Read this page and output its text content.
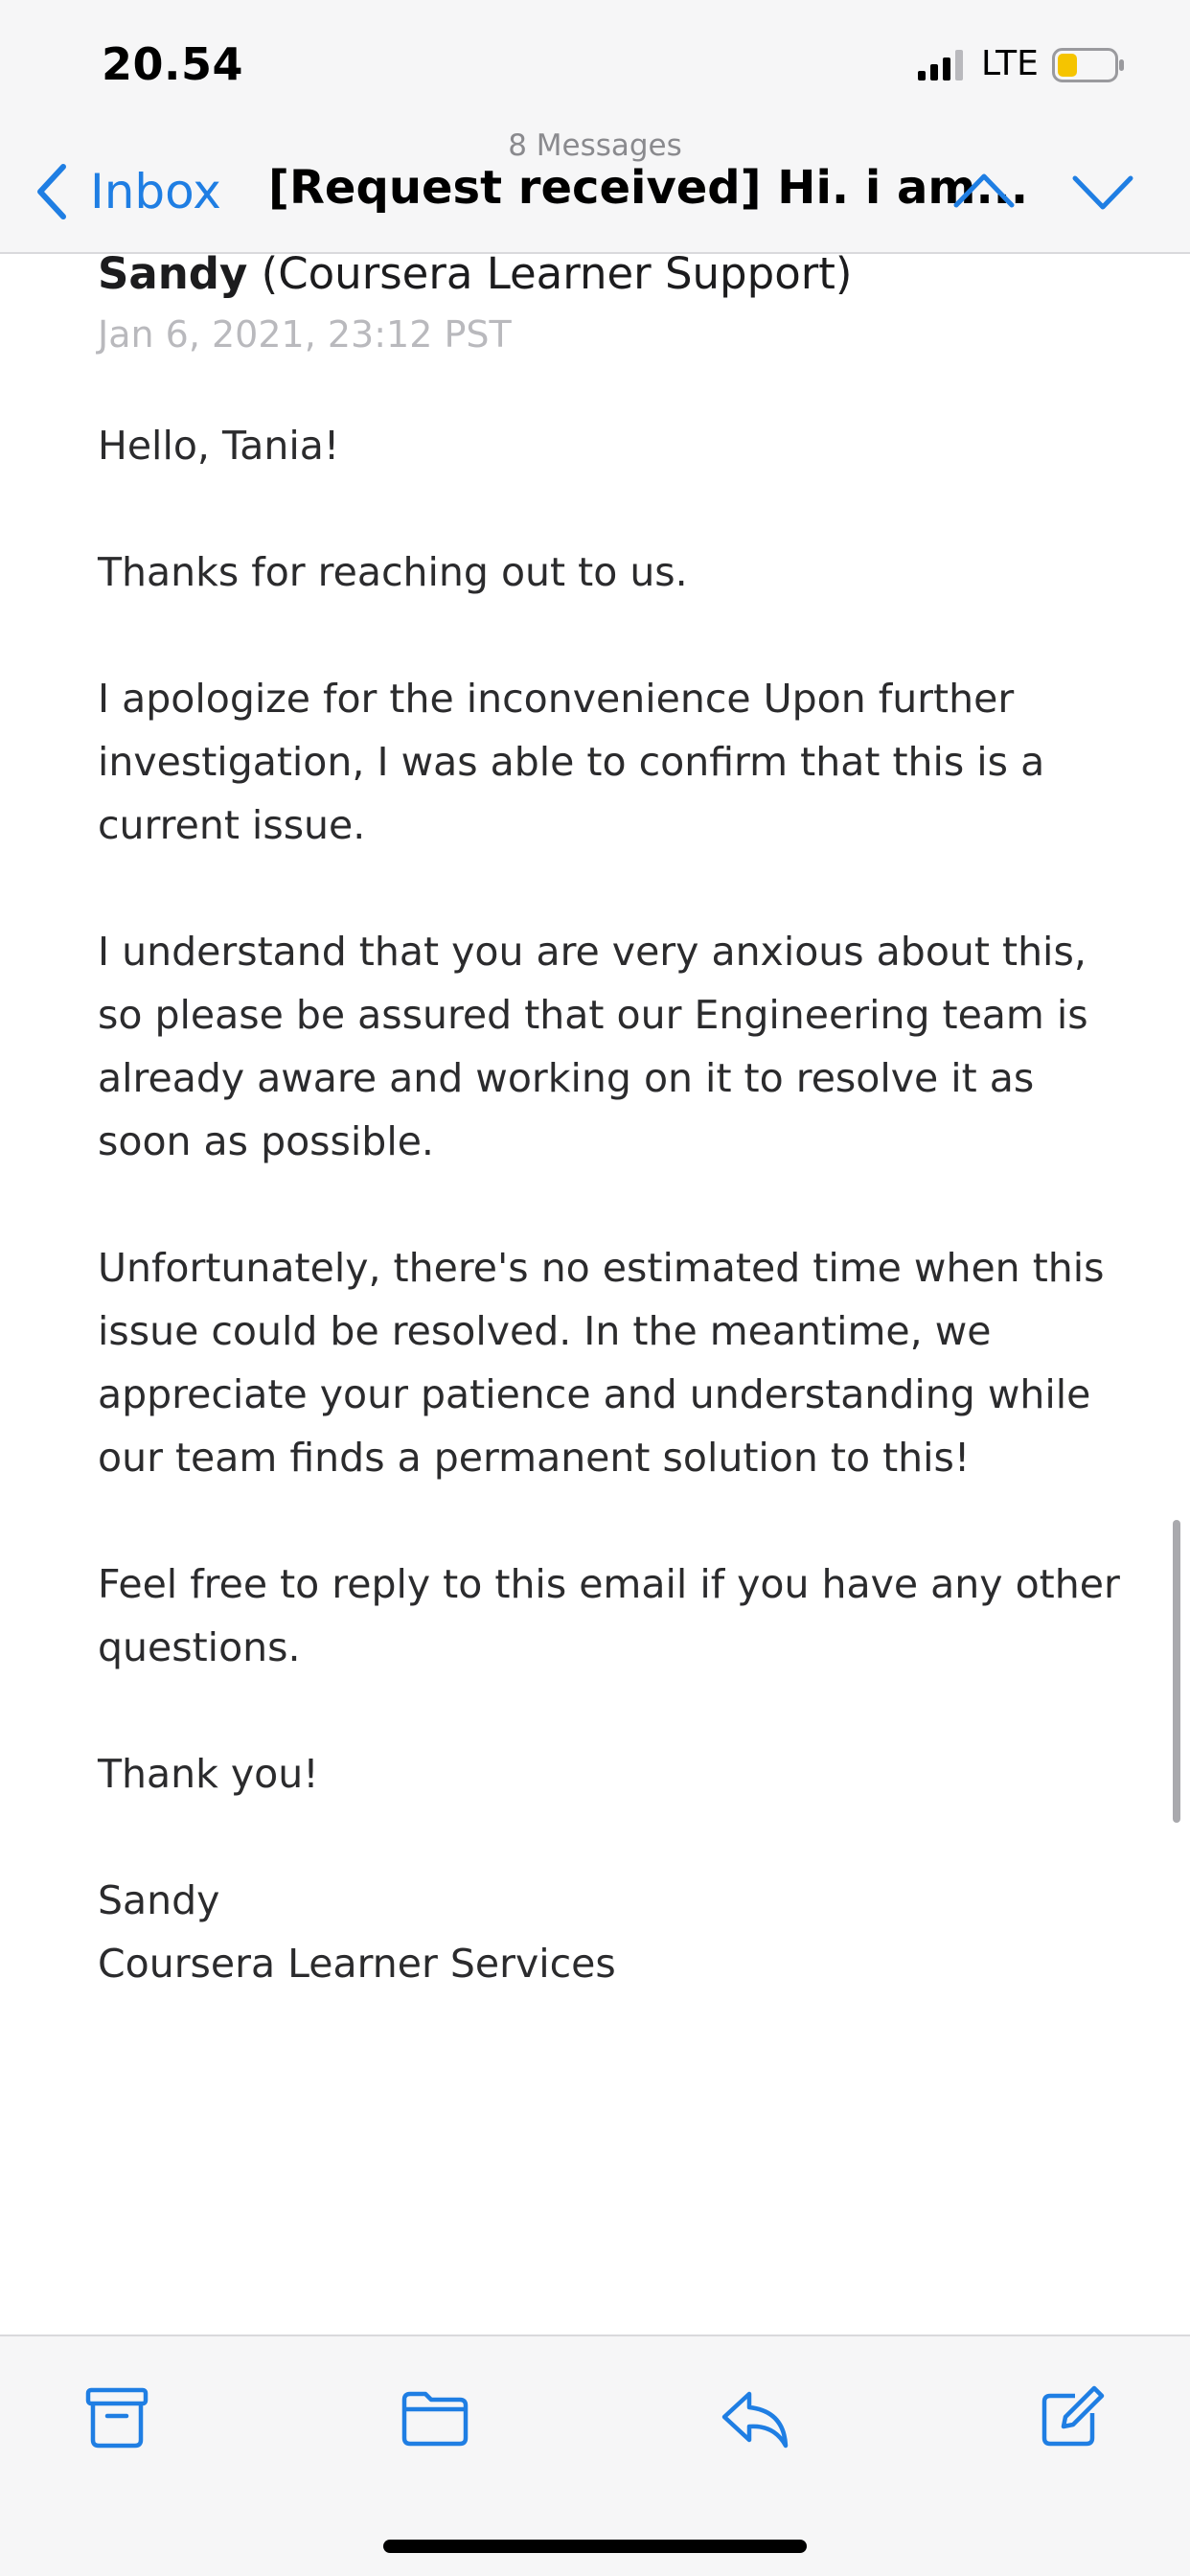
20.54	LTE
8 Messages
Inbox [Request received] Hi. i am...
Sandy (Coursera Learner Support)
Jan 6, 2021, 23:12 PST

Hello, Tania!

Thanks for reaching out to us.

I apologize for the inconvenience Upon further investigation, I was able to confirm that this is a current issue.

I understand that you are very anxious about this, so please be assured that our Engineering team is already aware and working on it to resolve it as soon as possible.

Unfortunately, there's no estimated time when this issue could be resolved. In the meantime, we appreciate your patience and understanding while our team finds a permanent solution to this!

Feel free to reply to this email if you have any other questions.

Thank you!

Sandy

Coursera Learner Services
